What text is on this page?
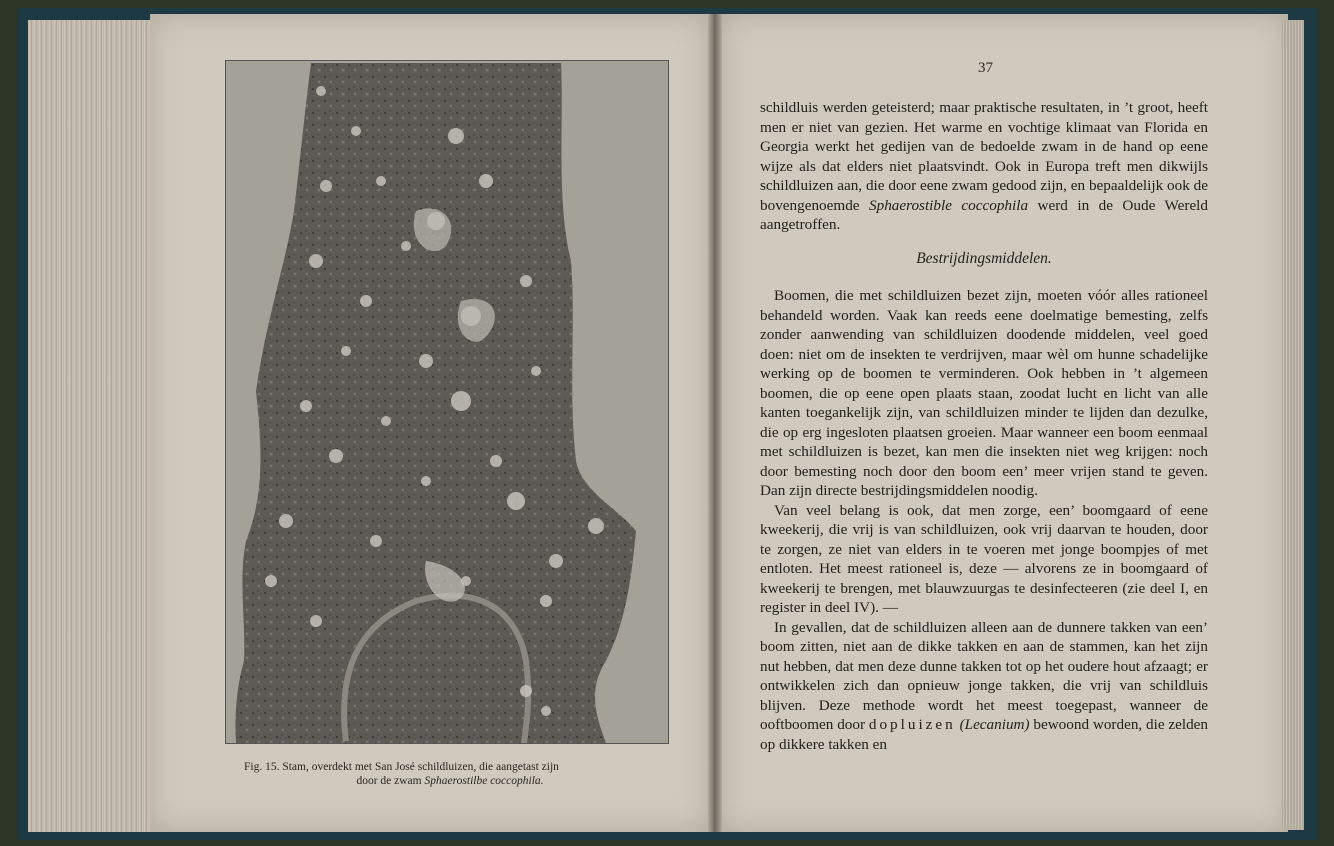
Fig. 15. Stam, overdekt met San José schildluizen, die aangetast zijn
door de zwam Sphaerostilbe coccophila.
37

schildluis werden geteisterd; maar praktische resultaten, in ’t groot, heeft men er niet van gezien. Het warme en vochtige klimaat van Florida en Georgia werkt het gedijen van de bedoelde zwam in de hand op eene wijze als dat elders niet plaatsvindt. Ook in Europa treft men dikwijls schildluizen aan, die door eene zwam gedood zijn, en bepaaldelijk ook de bovengenoemde Sphaerostible coccophila werd in de Oude Wereld aangetroffen.

Bestrijdingsmiddelen.

Boomen, die met schildluizen bezet zijn, moeten vóór alles rationeel behandeld worden. Vaak kan reeds eene doelmatige bemesting, zelfs zonder aanwending van schildluizen doodende middelen, veel goed doen: niet om de insekten te verdrijven, maar wèl om hunne schadelijke werking op de boomen te verminderen. Ook hebben in ’t algemeen boomen, die op eene open plaats staan, zoodat lucht en licht van alle kanten toegankelijk zijn, van schildluizen minder te lijden dan dezulke, die op erg ingesloten plaatsen groeien. Maar wanneer een boom eenmaal met schildluizen is bezet, kan men die insekten niet weg krijgen: noch door bemesting noch door den boom een’ meer vrijen stand te geven. Dan zijn directe bestrijdingsmiddelen noodig.

Van veel belang is ook, dat men zorge, een’ boomgaard of eene kweekerij, die vrij is van schildluizen, ook vrij daarvan te houden, door te zorgen, ze niet van elders in te voeren met jonge boompjes of met entloten. Het meest rationeel is, deze — alvorens ze in boomgaard of kweekerij te brengen, met blauwzuurgas te desinfecteeren (zie deel I, en register in deel IV). —

In gevallen, dat de schildluizen alleen aan de dunnere takken van een’ boom zitten, niet aan de dikke takken en aan de stammen, kan het zijn nut hebben, dat men deze dunne takken tot op het oudere hout afzaagt; er ontwikkelen zich dan opnieuw jonge takken, die vrij van schildluis blijven. Deze methode wordt het meest toegepast, wanneer de ooftboomen door dopluizen (Lecanium) bewoond worden, die zelden op dikkere takken en
